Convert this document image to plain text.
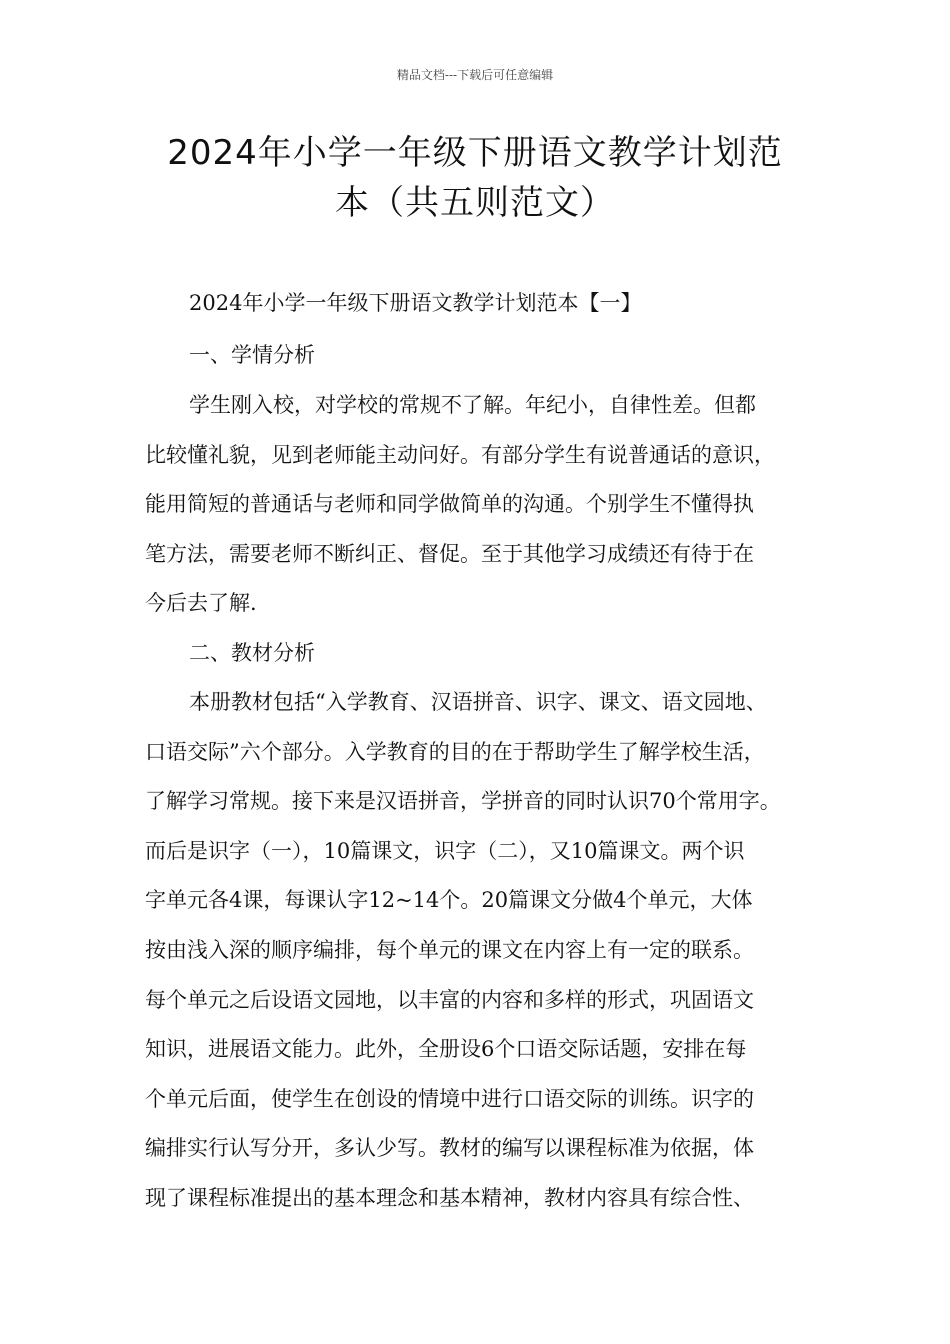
精品文档---下载后可任意编辑
2024年小学一年级下册语文教学计划范
本（共五则范文）
2024年小学一年级下册语文教学计划范本【一】
一、学情分析
学生刚入校，对学校的常规不了解。年纪小，自律性差。但都
比较懂礼貌，见到老师能主动问好。有部分学生有说普通话的意识，
能用简短的普通话与老师和同学做简单的沟通。个别学生不懂得执
笔方法，需要老师不断纠正、督促。至于其他学习成绩还有待于在
今后去了解.
二、教材分析
本册教材包括“入学教育、汉语拼音、识字、课文、语文园地、
口语交际”六个部分。入学教育的目的在于帮助学生了解学校生活，
了解学习常规。接下来是汉语拼音，学拼音的同时认识70个常用字。
而后是识字（一），10篇课文，识字（二），又10篇课文。两个识
字单元各4课，每课认字12~14个。20篇课文分做4个单元，大体
按由浅入深的顺序编排，每个单元的课文在内容上有一定的联系。
每个单元之后设语文园地，以丰富的内容和多样的形式，巩固语文
知识，进展语文能力。此外，全册设6个口语交际话题，安排在每
个单元后面，使学生在创设的情境中进行口语交际的训练。识字的
编排实行认写分开，多认少写。教材的编写以课程标准为依据，体
现了课程标准提出的基本理念和基本精神，教材内容具有综合性、
